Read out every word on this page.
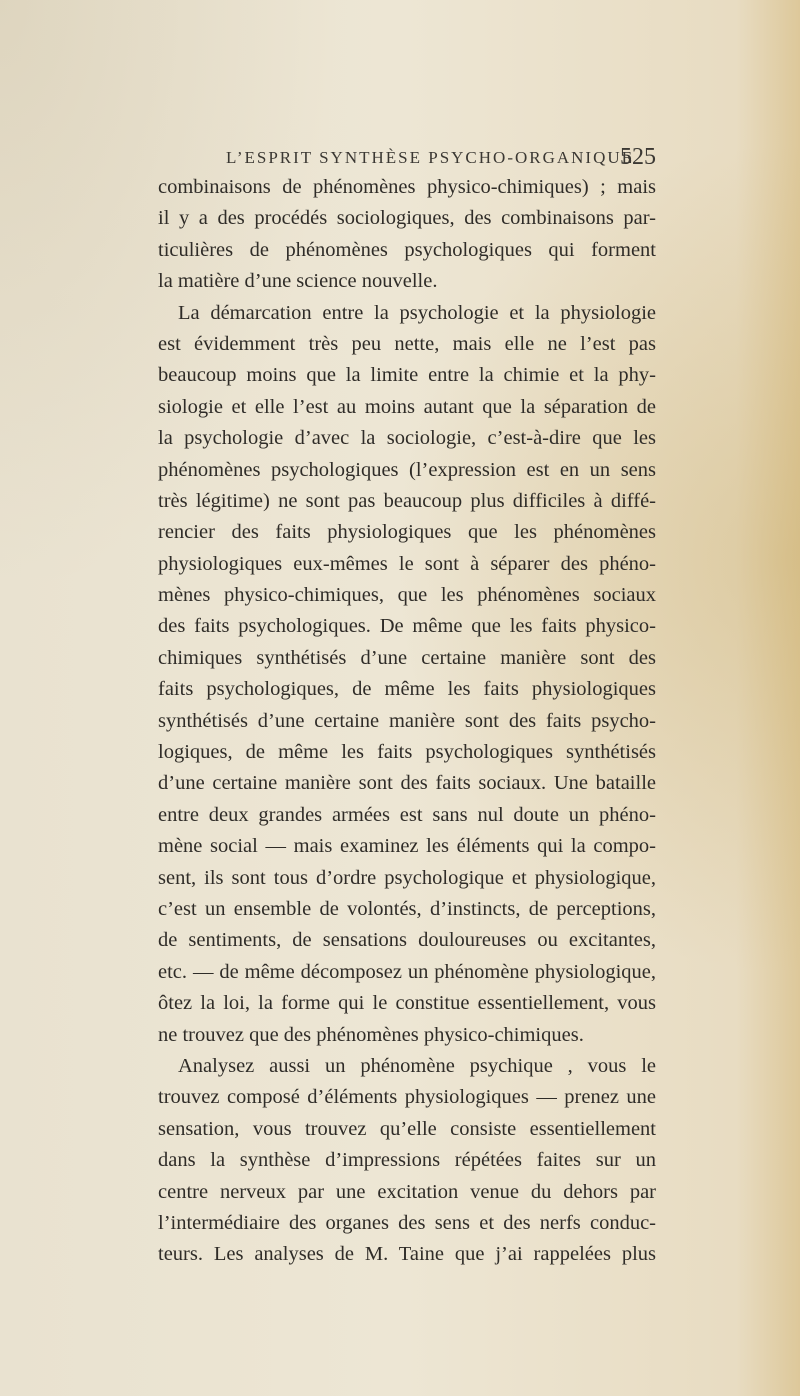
L’ESPRIT SYNTHÈSE PSYCHO-ORGANIQUE
525
combinaisons de phénomènes physico-chimiques) ; mais
il y a des procédés sociologiques, des combinaisons par-
ticulières de phénomènes psychologiques qui forment
la matière d’une science nouvelle.
La démarcation entre la psychologie et la physiologie
est évidemment très peu nette, mais elle ne l’est pas
beaucoup moins que la limite entre la chimie et la phy-
siologie et elle l’est au moins autant que la séparation de
la psychologie d’avec la sociologie, c’est-à-dire que les
phénomènes psychologiques (l’expression est en un sens
très légitime) ne sont pas beaucoup plus difficiles à diffé-
rencier des faits physiologiques que les phénomènes
physiologiques eux-mêmes le sont à séparer des phéno-
mènes physico-chimiques, que les phénomènes sociaux
des faits psychologiques. De même que les faits physico-
chimiques synthétisés d’une certaine manière sont des
faits psychologiques, de même les faits physiologiques
synthétisés d’une certaine manière sont des faits psycho-
logiques, de même les faits psychologiques synthétisés
d’une certaine manière sont des faits sociaux. Une bataille
entre deux grandes armées est sans nul doute un phéno-
mène social — mais examinez les éléments qui la compo-
sent, ils sont tous d’ordre psychologique et physiologique,
c’est un ensemble de volontés, d’instincts, de perceptions,
de sentiments, de sensations douloureuses ou excitantes,
etc. — de même décomposez un phénomène physiologique,
ôtez la loi, la forme qui le constitue essentiellement, vous
ne trouvez que des phénomènes physico-chimiques.
Analysez aussi un phénomène psychique , vous le
trouvez composé d’éléments physiologiques — prenez une
sensation, vous trouvez qu’elle consiste essentiellement
dans la synthèse d’impressions répétées faites sur un
centre nerveux par une excitation venue du dehors par
l’intermédiaire des organes des sens et des nerfs conduc-
teurs. Les analyses de M. Taine que j’ai rappelées plus
